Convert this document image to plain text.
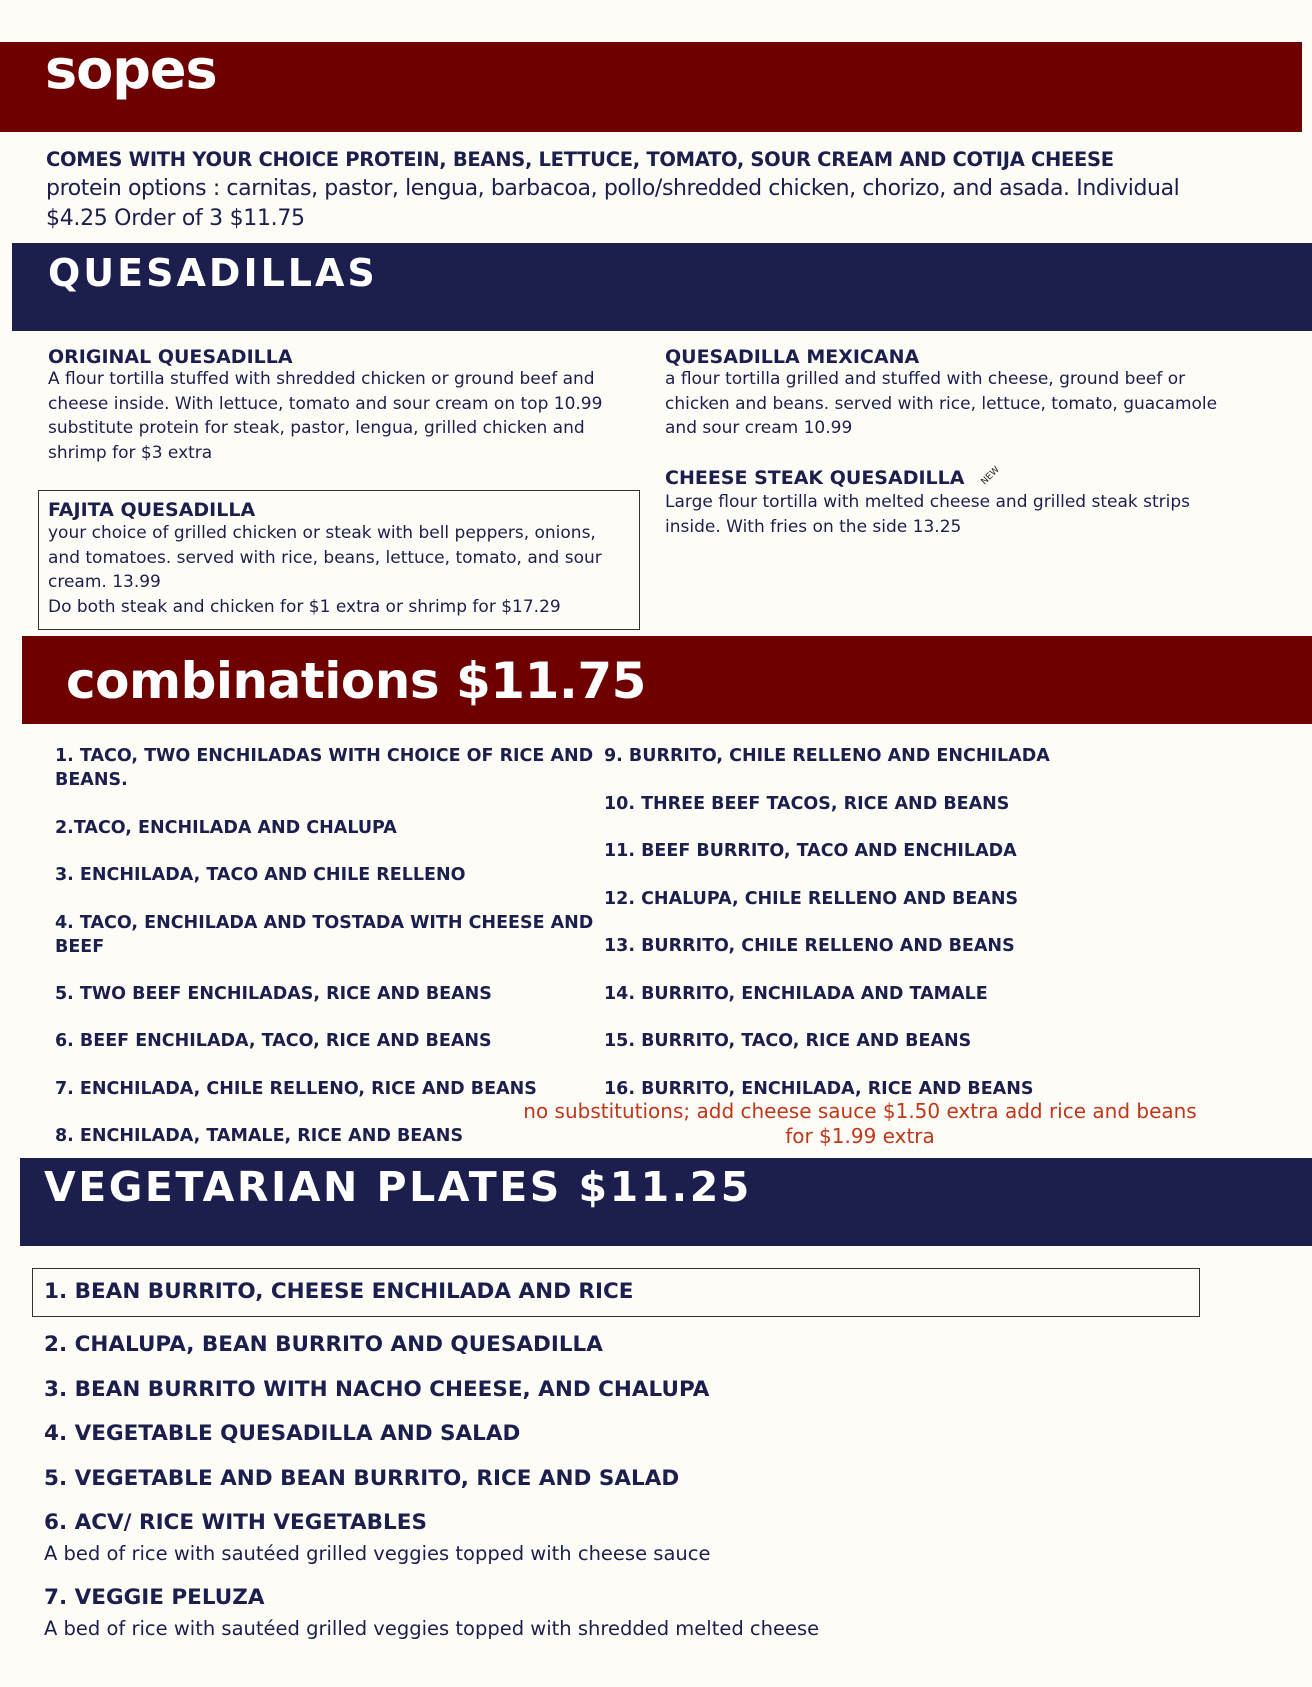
sopes
COMES WITH YOUR CHOICE PROTEIN, BEANS, LETTUCE, TOMATO, SOUR CREAM AND COTIJA CHEESE
protein options : carnitas, pastor, lengua, barbacoa, pollo/shredded chicken, chorizo, and asada. Individual
$4.25 Order of 3 $11.75
QUESADILLAS
ORIGINAL QUESADILLA
A flour tortilla stuffed with shredded chicken or ground beef and cheese inside. With lettuce, tomato and sour cream on top 10.99 substitute protein for steak, pastor, lengua, grilled chicken and shrimp for $3 extra
FAJITA QUESADILLA
your choice of grilled chicken or steak with bell peppers, onions, and tomatoes. served with rice, beans, lettuce, tomato, and sour cream. 13.99
Do both steak and chicken for $1 extra or shrimp for $17.29
QUESADILLA MEXICANA
a flour tortilla grilled and stuffed with cheese, ground beef or chicken and beans. served with rice, lettuce, tomato, guacamole and sour cream 10.99
CHEESE STEAK QUESADILLA NEW
Large flour tortilla with melted cheese and grilled steak strips inside. With fries on the side 13.25
combinations $11.75
1. TACO, TWO ENCHILADAS WITH CHOICE OF RICE AND BEANS.
2.TACO, ENCHILADA AND CHALUPA
3. ENCHILADA, TACO AND CHILE RELLENO
4. TACO, ENCHILADA AND TOSTADA WITH CHEESE AND BEEF
5. TWO BEEF ENCHILADAS, RICE AND BEANS
6. BEEF ENCHILADA, TACO, RICE AND BEANS
7. ENCHILADA, CHILE RELLENO, RICE AND BEANS
8. ENCHILADA, TAMALE, RICE AND BEANS
9. BURRITO, CHILE RELLENO AND ENCHILADA
10. THREE BEEF TACOS, RICE AND BEANS
11. BEEF BURRITO, TACO AND ENCHILADA
12. CHALUPA, CHILE RELLENO AND BEANS
13. BURRITO, CHILE RELLENO AND BEANS
14. BURRITO, ENCHILADA AND TAMALE
15. BURRITO, TACO, RICE AND BEANS
16. BURRITO, ENCHILADA, RICE AND BEANS
no substitutions; add cheese sauce $1.50 extra add rice and beans for $1.99 extra
VEGETARIAN PLATES $11.25
1. BEAN BURRITO, CHEESE ENCHILADA AND RICE
2. CHALUPA, BEAN BURRITO AND QUESADILLA
3. BEAN BURRITO WITH NACHO CHEESE, AND CHALUPA
4. VEGETABLE QUESADILLA AND SALAD
5. VEGETABLE AND BEAN BURRITO, RICE AND SALAD
6. ACV/ RICE WITH VEGETABLES
A bed of rice with sautéed grilled veggies topped with cheese sauce
7. VEGGIE PELUZA
A bed of rice with sautéed grilled veggies topped with shredded melted cheese
